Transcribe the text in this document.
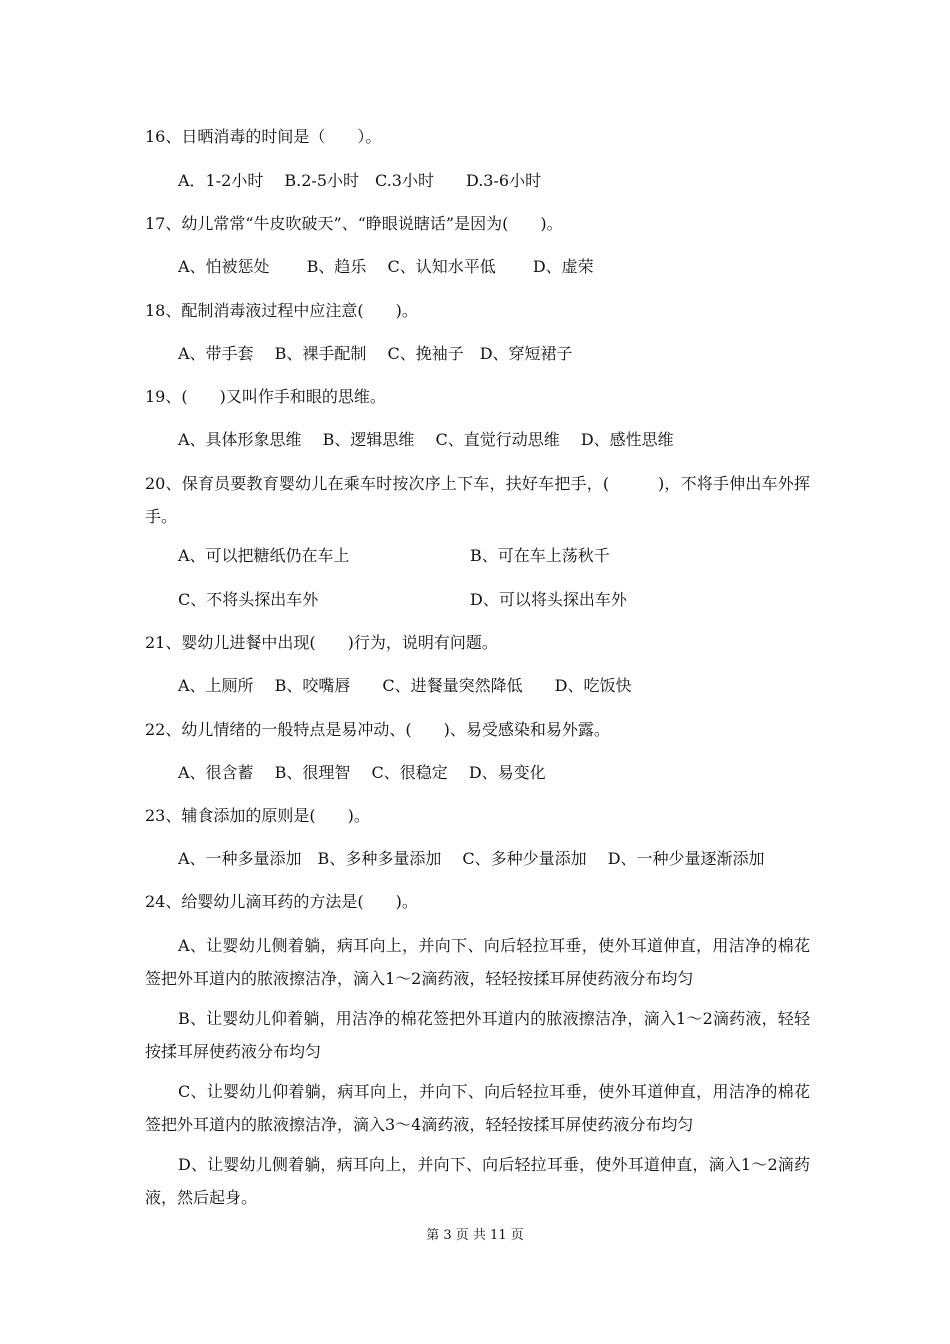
16、日晒消毒的时间是（　　）。
A．1-2小时　 B.2-5小时　C.3小时　　D.3-6小时
17、幼儿常常“牛皮吹破天”、“睁眼说瞎话”是因为(　　)。
A、怕被惩处　　 B、趋乐　 C、认知水平低　　 D、虚荣
18、配制消毒液过程中应注意(　　)。
A、带手套　 B、裸手配制　 C、挽袖子　D、穿短裙子
19、(　　)又叫作手和眼的思维。
A、具体形象思维　 B、逻辑思维　 C、直觉行动思维　 D、感性思维
20、保育员要教育婴幼儿在乘车时按次序上下车，扶好车把手，(　　　)，不将手伸出车外挥手。
A、可以把糖纸仍在车上	B、可在车上荡秋千
C、不将头探出车外	D、可以将头探出车外
21、婴幼儿进餐中出现(　　)行为，说明有问题。
A、上厕所　 B、咬嘴唇　　C、进餐量突然降低　　D、吃饭快
22、幼儿情绪的一般特点是易冲动、(　　)、易受感染和易外露。
A、很含蓄　 B、很理智　 C、很稳定　 D、易变化
23、辅食添加的原则是(　　)。
A、一种多量添加　B、多种多量添加　 C、多种少量添加　 D、一种少量逐渐添加
24、给婴幼儿滴耳药的方法是(　　)。
A、让婴幼儿侧着躺，病耳向上，并向下、向后轻拉耳垂，使外耳道伸直，用洁净的棉花签把外耳道内的脓液擦洁净，滴入1～2滴药液，轻轻按揉耳屏使药液分布均匀
B、让婴幼儿仰着躺，用洁净的棉花签把外耳道内的脓液擦洁净，滴入1～2滴药液，轻轻按揉耳屏使药液分布均匀
C、让婴幼儿仰着躺，病耳向上，并向下、向后轻拉耳垂，使外耳道伸直，用洁净的棉花签把外耳道内的脓液擦洁净，滴入3～4滴药液，轻轻按揉耳屏使药液分布均匀
D、让婴幼儿侧着躺，病耳向上，并向下、向后轻拉耳垂，使外耳道伸直，滴入1～2滴药液，然后起身。
第 3 页 共 11 页
